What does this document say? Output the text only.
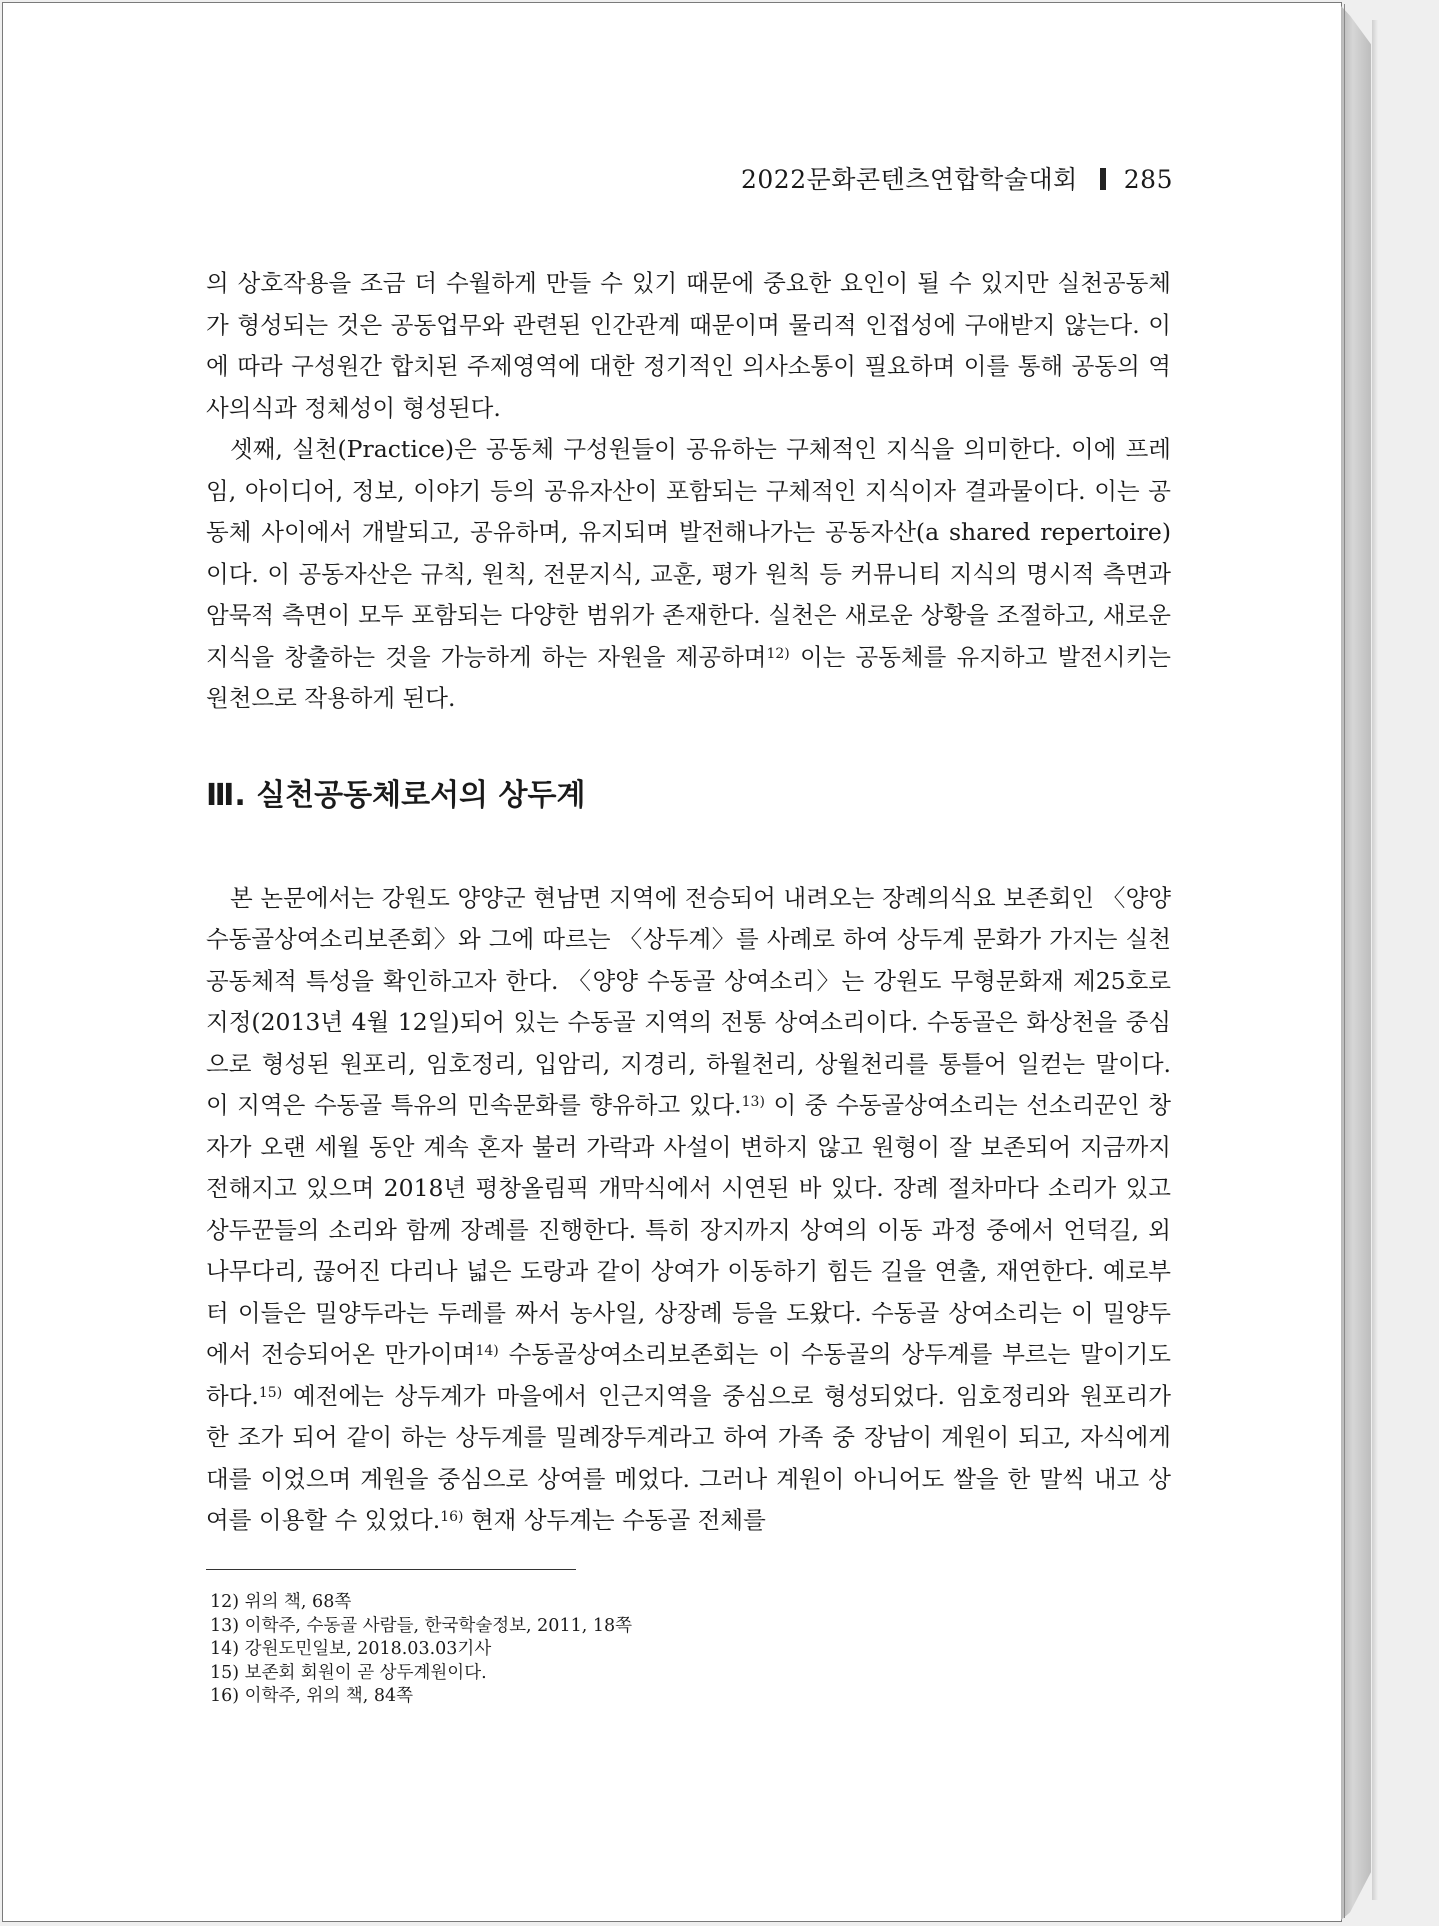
2022문화콘텐츠연합학술대회 285

의 상호작용을 조금 더 수월하게 만들 수 있기 때문에 중요한 요인이 될 수 있지만 실천공동체가 형성되는 것은 공동업무와 관련된 인간관계 때문이며 물리적 인접성에 구애받지 않는다. 이에 따라 구성원간 합치된 주제영역에 대한 정기적인 의사소통이 필요하며 이를 통해 공동의 역사의식과 정체성이 형성된다.

셋째, 실천(Practice)은 공동체 구성원들이 공유하는 구체적인 지식을 의미한다. 이에 프레임, 아이디어, 정보, 이야기 등의 공유자산이 포함되는 구체적인 지식이자 결과물이다. 이는 공동체 사이에서 개발되고, 공유하며, 유지되며 발전해나가는 공동자산(a shared repertoire)이다. 이 공동자산은 규칙, 원칙, 전문지식, 교훈, 평가 원칙 등 커뮤니티 지식의 명시적 측면과 암묵적 측면이 모두 포함되는 다양한 범위가 존재한다. 실천은 새로운 상황을 조절하고, 새로운 지식을 창출하는 것을 가능하게 하는 자원을 제공하며$^{12)}$ 이는 공동체를 유지하고 발전시키는 원천으로 작용하게 된다.

Ⅲ. 실천공동체로서의 상두계

본 논문에서는 강원도 양양군 현남면 지역에 전승되어 내려오는 장례의식요 보존회인 〈양양 수동골상여소리보존회〉와 그에 따르는 〈상두계〉를 사례로 하여 상두계 문화가 가지는 실천공동체적 특성을 확인하고자 한다. 〈양양 수동골 상여소리〉는 강원도 무형문화재 제25호로 지정(2013년 4월 12일)되어 있는 수동골 지역의 전통 상여소리이다. 수동골은 화상천을 중심으로 형성된 원포리, 임호정리, 입암리, 지경리, 하월천리, 상월천리를 통틀어 일컫는 말이다. 이 지역은 수동골 특유의 민속문화를 향유하고 있다.$^{13)}$ 이 중 수동골상여소리는 선소리꾼인 창자가 오랜 세월 동안 계속 혼자 불러 가락과 사설이 변하지 않고 원형이 잘 보존되어 지금까지 전해지고 있으며 2018년 평창올림픽 개막식에서 시연된 바 있다. 장례 절차마다 소리가 있고 상두꾼들의 소리와 함께 장례를 진행한다. 특히 장지까지 상여의 이동 과정 중에서 언덕길, 외나무다리, 끊어진 다리나 넓은 도랑과 같이 상여가 이동하기 힘든 길을 연출, 재연한다. 예로부터 이들은 밀양두라는 두레를 짜서 농사일, 상장례 등을 도왔다. 수동골 상여소리는 이 밀양두에서 전승되어온 만가이며$^{14)}$ 수동골상여소리보존회는 이 수동골의 상두계를 부르는 말이기도 하다.$^{15)}$ 예전에는 상두계가 마을에서 인근지역을 중심으로 형성되었다. 임호정리와 원포리가 한 조가 되어 같이 하는 상두계를 밀례장두계라고 하여 가족 중 장남이 계원이 되고, 자식에게 대를 이었으며 계원을 중심으로 상여를 메었다. 그러나 계원이 아니어도 쌀을 한 말씩 내고 상여를 이용할 수 있었다.$^{16)}$ 현재 상두계는 수동골 전체를

12) 위의 책, 68쪽
13) 이학주, 수동골 사람들, 한국학술정보, 2011, 18쪽
14) 강원도민일보, 2018.03.03기사
15) 보존회 회원이 곧 상두계원이다.
16) 이학주, 위의 책, 84쪽
